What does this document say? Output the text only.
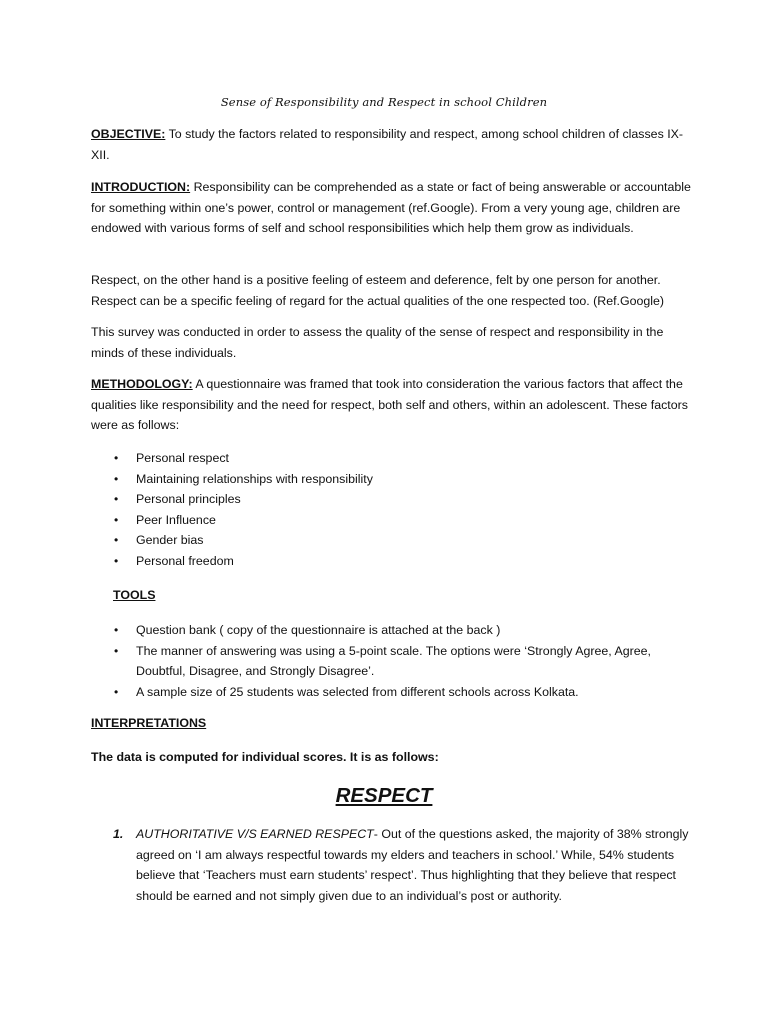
Sense of Responsibility and Respect in school Children
OBJECTIVE: To study the factors related to responsibility and respect, among school children of classes IX-XII.
INTRODUCTION: Responsibility can be comprehended as a state or fact of being answerable or accountable for something within one’s power, control or management (ref.Google). From a very young age, children are endowed with various forms of self and school responsibilities which help them grow as individuals.
Respect, on the other hand is a positive feeling of esteem and deference, felt by one person for another. Respect can be a specific feeling of regard for the actual qualities of the one respected too. (Ref.Google)
This survey was conducted in order to assess the quality of the sense of respect and responsibility in the minds of these individuals.
METHODOLOGY: A questionnaire was framed that took into consideration the various factors that affect the qualities like responsibility and the need for respect, both self and others, within an adolescent. These factors were as follows:
• Personal respect
• Maintaining relationships with responsibility
• Personal principles
• Peer Influence
• Gender bias
• Personal freedom
TOOLS
• Question bank ( copy of the questionnaire is attached at the back )
• The manner of answering was using a 5-point scale. The options were ‘Strongly Agree, Agree, Doubtful, Disagree, and Strongly Disagree’.
• A sample size of 25 students was selected from different schools across Kolkata.
INTERPRETATIONS
The data is computed for individual scores. It is as follows:
RESPECT
1.	AUTHORITATIVE V/S EARNED RESPECT- Out of the questions asked, the majority of 38% strongly agreed on ‘I am always respectful towards my elders and teachers in school.’ While, 54% students believe that ‘Teachers must earn students’ respect’. Thus highlighting that they believe that respect should be earned and not simply given due to an individual’s post or authority.
